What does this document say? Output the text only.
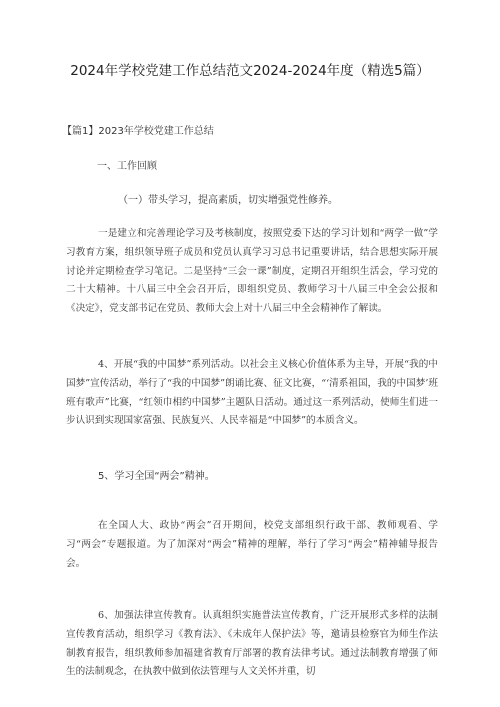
2024年学校党建工作总结范文2024-2024年度（精选5篇）
【篇1】2023年学校党建工作总结
一、工作回顾
（一）带头学习，提高素质，切实增强党性修养。
一是建立和完善理论学习及考核制度，按照党委下达的学习计划和“两学一做”学习教育方案，组织领导班子成员和党员认真学习习总书记重要讲话，结合思想实际开展讨论并定期检查学习笔记。二是坚持“三会一课”制度，定期召开组织生活会，学习党的二十大精神。十八届三中全会召开后，即组织党员、教师学习十八届三中全会公报和《决定》，党支部书记在党员、教师大会上对十八届三中全会精神作了解读。
4、开展“我的中国梦”系列活动。以社会主义核心价值体系为主导，开展“我的中国梦”宣传活动，举行了“我的中国梦”朗诵比赛、征文比赛，“‘清系祖国，我的中国梦’班班有歌声”比赛，“红领巾相约中国梦”主题队日活动。通过这一系列活动，使师生们进一步认识到实现国家富强、民族复兴、人民幸福是“中国梦”的本质含义。
5、学习全国“两会”精神。
在全国人大、政协“两会”召开期间，校党支部组织行政干部、教师观看、学习“两会”专题报道。为了加深对“两会”精神的理解，举行了学习“两会”精神辅导报告会。
6、加强法律宣传教育。认真组织实施普法宣传教育，广泛开展形式多样的法制宣传教育活动，组织学习《教育法》、《未成年人保护法》等，邀请县检察官为师生作法制教育报告，组织教师参加福建省教育厅部署的教育法律考试。通过法制教育增强了师生的法制观念，在执教中做到依法管理与人文关怀并重，切
